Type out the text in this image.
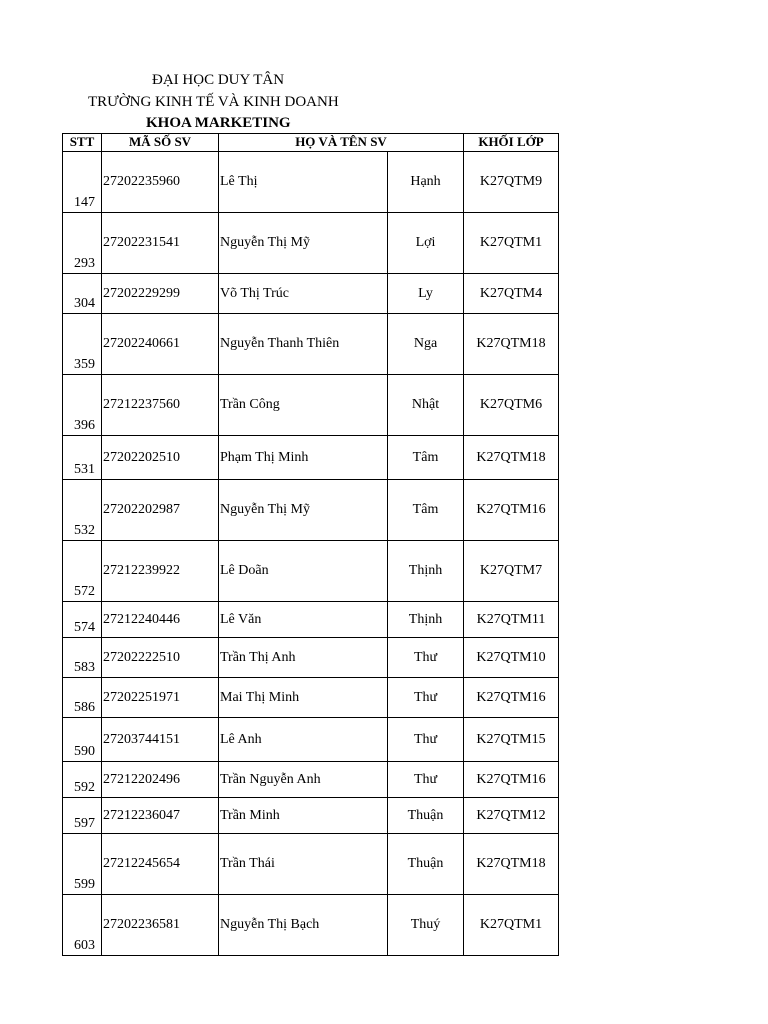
ĐẠI HỌC DUY TÂN
TRƯỜNG KINH TẾ VÀ KINH DOANH
KHOA MARKETING
STT	MÃ SỐ SV	HỌ VÀ TÊN SV		KHỐI LỚP
147	27202235960	Lê Thị	Hạnh	K27QTM9
293	27202231541	Nguyễn Thị Mỹ	Lợi	K27QTM1
304	27202229299	Võ Thị Trúc	Ly	K27QTM4
359	27202240661	Nguyễn Thanh Thiên	Nga	K27QTM18
396	27212237560	Trần Công	Nhật	K27QTM6
531	27202202510	Phạm Thị Minh	Tâm	K27QTM18
532	27202202987	Nguyễn Thị Mỹ	Tâm	K27QTM16
572	27212239922	Lê Doãn	Thịnh	K27QTM7
574	27212240446	Lê Văn	Thịnh	K27QTM11
583	27202222510	Trần Thị Anh	Thư	K27QTM10
586	27202251971	Mai Thị Minh	Thư	K27QTM16
590	27203744151	Lê Anh	Thư	K27QTM15
592	27212202496	Trần Nguyễn Anh	Thư	K27QTM16
597	27212236047	Trần Minh	Thuận	K27QTM12
599	27212245654	Trần Thái	Thuận	K27QTM18
603	27202236581	Nguyễn Thị Bạch	Thuý	K27QTM1
